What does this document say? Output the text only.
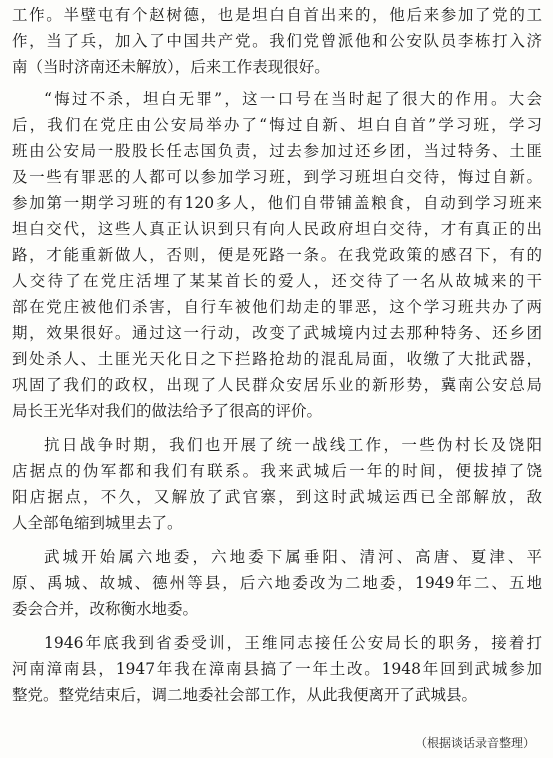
工作。半壁屯有个赵树德，也是坦白自首出来的，他后来参加了党的工
作，当了兵，加入了中国共产党。我们党曾派他和公安队员李栋打入济
南（当时济南还未解放），后来工作表现很好。
“悔过不杀，坦白无罪”，这一口号在当时起了很大的作用。大会
后，我们在党庄由公安局举办了“悔过自新、坦白自首”学习班，学习
班由公安局一股股长任志国负责，过去参加过还乡团，当过特务、土匪
及一些有罪恶的人都可以参加学习班，到学习班坦白交待，悔过自新。
参加第一期学习班的有120多人，他们自带铺盖粮食，自动到学习班来
坦白交代，这些人真正认识到只有向人民政府坦白交待，才有真正的出
路，才能重新做人，否则，便是死路一条。在我党政策的感召下，有的
人交待了在党庄活埋了某某首长的爱人，还交待了一名从故城来的干
部在党庄被他们杀害，自行车被他们劫走的罪恶，这个学习班共办了两
期，效果很好。通过这一行动，改变了武城境内过去那种特务、还乡团
到处杀人、土匪光天化日之下拦路抢劫的混乱局面，收缴了大批武器，
巩固了我们的政权，出现了人民群众安居乐业的新形势，冀南公安总局
局长王光华对我们的做法给予了很高的评价。
抗日战争时期，我们也开展了统一战线工作，一些伪村长及饶阳
店据点的伪军都和我们有联系。我来武城后一年的时间，便拔掉了饶
阳店据点，不久，又解放了武官寨，到这时武城运西已全部解放，敌
人全部龟缩到城里去了。
武城开始属六地委，六地委下属垂阳、清河、高唐、夏津、平
原、禹城、故城、德州等县，后六地委改为二地委，1949年二、五地
委会合并，改称衡水地委。
1946年底我到省委受训，王维同志接任公安局长的职务，接着打
河南漳南县，1947年我在漳南县搞了一年土改。1948年回到武城参加
整党。整党结束后，调二地委社会部工作，从此我便离开了武城县。
（根据谈话录音整理）
